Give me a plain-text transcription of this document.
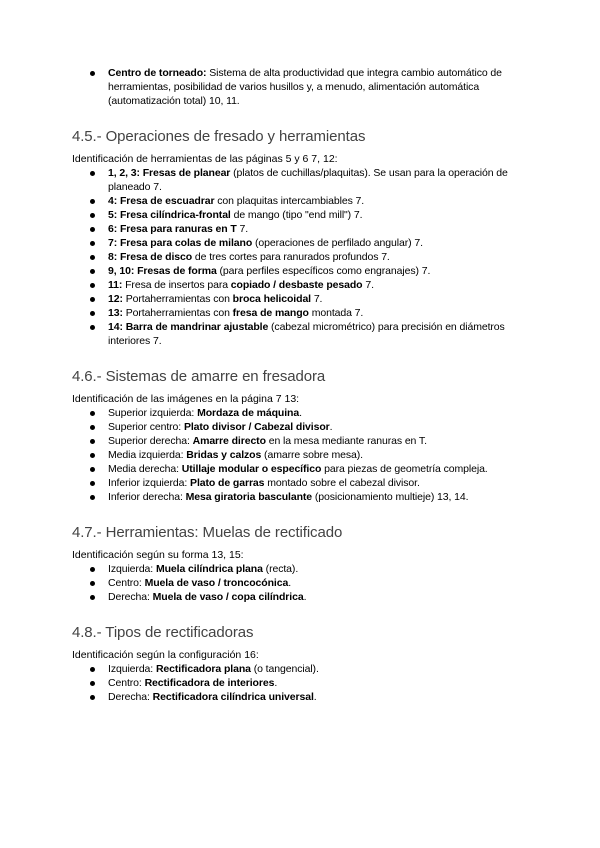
Centro de torneado: Sistema de alta productividad que integra cambio automático de herramientas, posibilidad de varios husillos y, a menudo, alimentación automática (automatización total) 10, 11.
4.5.- Operaciones de fresado y herramientas

Identificación de herramientas de las páginas 5 y 6 7, 12:

1, 2, 3: Fresas de planear (platos de cuchillas/plaquitas). Se usan para la operación de planeado 7.
4: Fresa de escuadrar con plaquitas intercambiables 7.
5: Fresa cilíndrica-frontal de mango (tipo "end mill") 7.
6: Fresa para ranuras en T 7.
7: Fresa para colas de milano (operaciones de perfilado angular) 7.
8: Fresa de disco de tres cortes para ranurados profundos 7.
9, 10: Fresas de forma (para perfiles específicos como engranajes) 7.
11: Fresa de insertos para copiado / desbaste pesado 7.
12: Portaherramientas con broca helicoidal 7.
13: Portaherramientas con fresa de mango montada 7.
14: Barra de mandrinar ajustable (cabezal micrométrico) para precisión en diámetros interiores 7.
4.6.- Sistemas de amarre en fresadora

Identificación de las imágenes en la página 7 13:

Superior izquierda: Mordaza de máquina.
Superior centro: Plato divisor / Cabezal divisor.
Superior derecha: Amarre directo en la mesa mediante ranuras en T.
Media izquierda: Bridas y calzos (amarre sobre mesa).
Media derecha: Utillaje modular o específico para piezas de geometría compleja.
Inferior izquierda: Plato de garras montado sobre el cabezal divisor.
Inferior derecha: Mesa giratoria basculante (posicionamiento multieje) 13, 14.
4.7.- Herramientas: Muelas de rectificado

Identificación según su forma 13, 15:

Izquierda: Muela cilíndrica plana (recta).
Centro: Muela de vaso / troncocónica.
Derecha: Muela de vaso / copa cilíndrica.
4.8.- Tipos de rectificadoras

Identificación según la configuración 16:

Izquierda: Rectificadora plana (o tangencial).
Centro: Rectificadora de interiores.
Derecha: Rectificadora cilíndrica universal.
